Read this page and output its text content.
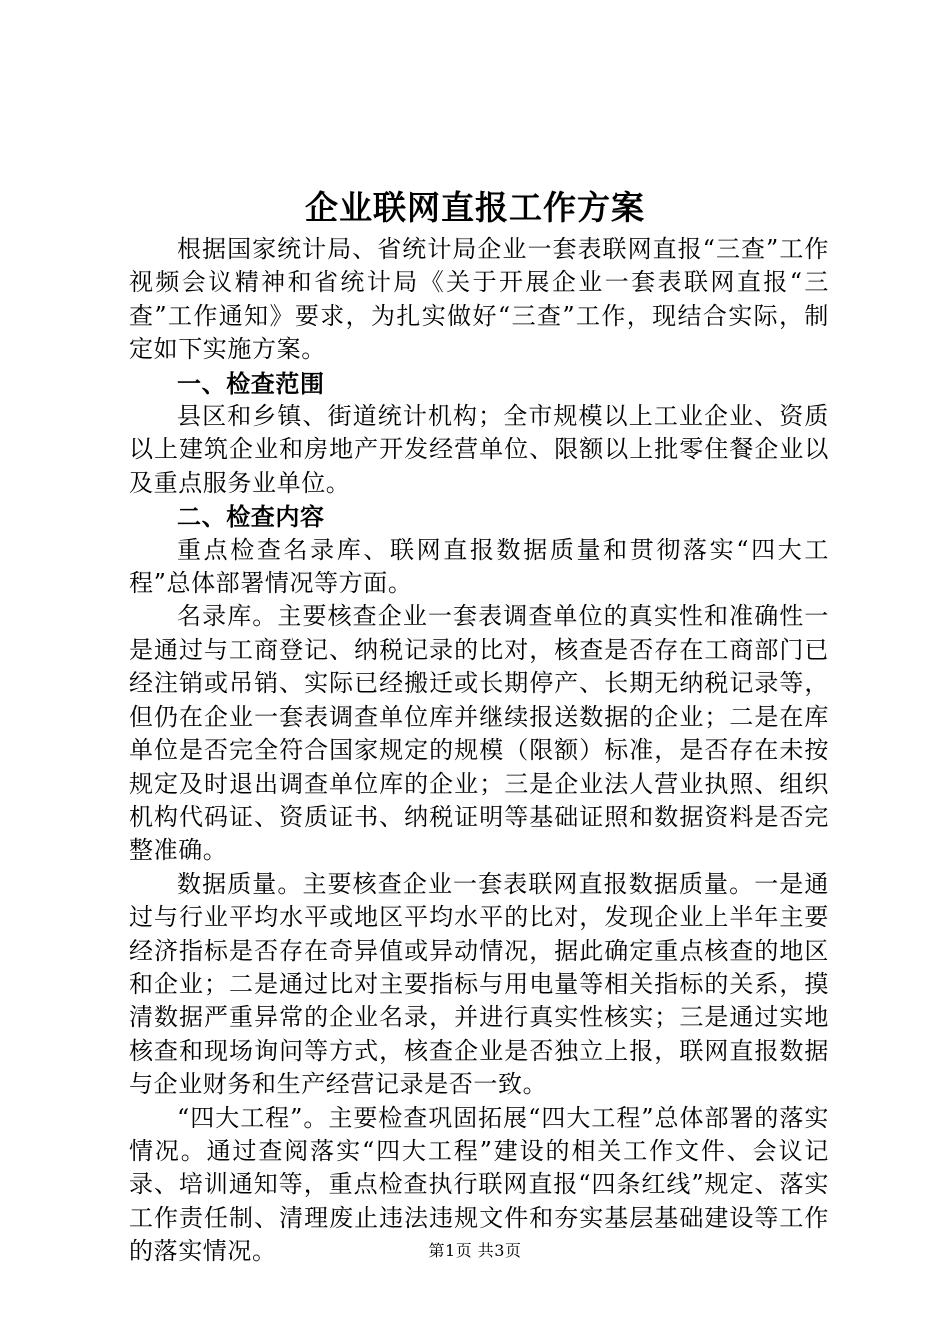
企业联网直报工作方案

根据国家统计局、省统计局企业一套表联网直报“三查”工作视频会议精神和省统计局《关于开展企业一套表联网直报“三查”工作通知》要求，为扎实做好“三查”工作，现结合实际，制定如下实施方案。

一、检查范围

县区和乡镇、街道统计机构；全市规模以上工业企业、资质以上建筑企业和房地产开发经营单位、限额以上批零住餐企业以及重点服务业单位。

二、检查内容

重点检查名录库、联网直报数据质量和贯彻落实“四大工程”总体部署情况等方面。

名录库。主要核查企业一套表调查单位的真实性和准确性一是通过与工商登记、纳税记录的比对，核查是否存在工商部门已经注销或吊销、实际已经搬迁或长期停产、长期无纳税记录等，但仍在企业一套表调查单位库并继续报送数据的企业；二是在库单位是否完全符合国家规定的规模（限额）标准，是否存在未按规定及时退出调查单位库的企业；三是企业法人营业执照、组织机构代码证、资质证书、纳税证明等基础证照和数据资料是否完整准确。

数据质量。主要核查企业一套表联网直报数据质量。一是通过与行业平均水平或地区平均水平的比对，发现企业上半年主要经济指标是否存在奇异值或异动情况，据此确定重点核查的地区和企业；二是通过比对主要指标与用电量等相关指标的关系，摸清数据严重异常的企业名录，并进行真实性核实；三是通过实地核查和现场询问等方式，核查企业是否独立上报，联网直报数据与企业财务和生产经营记录是否一致。

“四大工程”。主要检查巩固拓展“四大工程”总体部署的落实情况。通过查阅落实“四大工程”建设的相关工作文件、会议记录、培训通知等，重点检查执行联网直报“四条红线”规定、落实工作责任制、清理废止违法违规文件和夯实基层基础建设等工作的落实情况。	第1页 共3页
